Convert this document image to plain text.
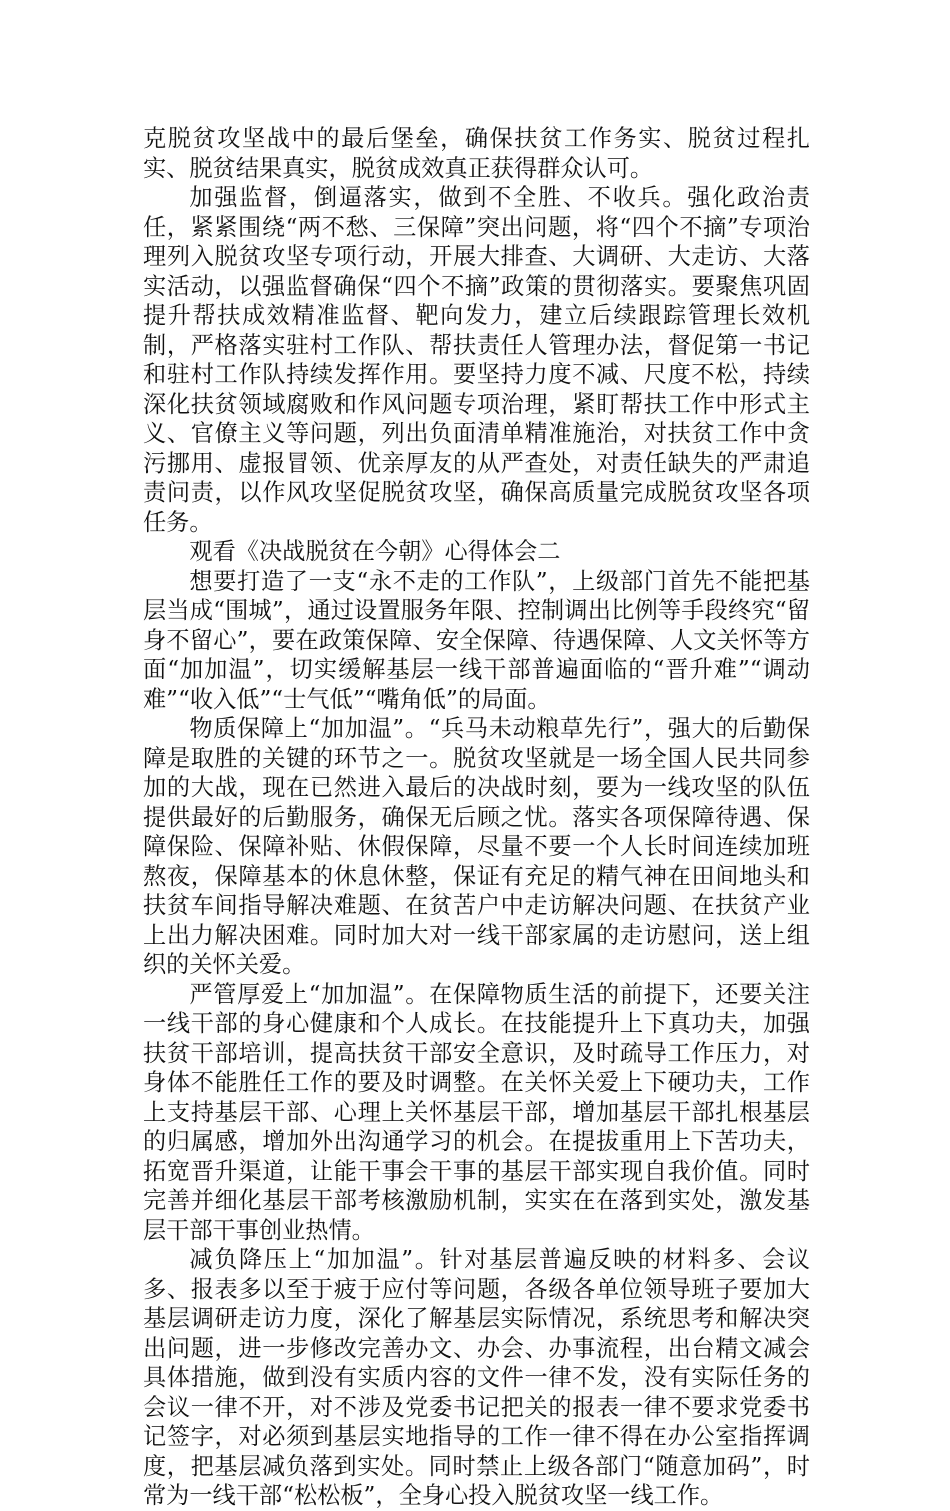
克脱贫攻坚战中的最后堡垒，确保扶贫工作务实、脱贫过程扎实、脱贫结果真实，脱贫成效真正获得群众认可。

加强监督，倒逼落实，做到不全胜、不收兵。强化政治责任，紧紧围绕“两不愁、三保障”突出问题，将“四个不摘”专项治理列入脱贫攻坚专项行动，开展大排查、大调研、大走访、大落实活动，以强监督确保“四个不摘”政策的贯彻落实。要聚焦巩固提升帮扶成效精准监督、靶向发力，建立后续跟踪管理长效机制，严格落实驻村工作队、帮扶责任人管理办法，督促第一书记和驻村工作队持续发挥作用。要坚持力度不减、尺度不松，持续深化扶贫领域腐败和作风问题专项治理，紧盯帮扶工作中形式主义、官僚主义等问题，列出负面清单精准施治，对扶贫工作中贪污挪用、虚报冒领、优亲厚友的从严查处，对责任缺失的严肃追责问责，以作风攻坚促脱贫攻坚，确保高质量完成脱贫攻坚各项任务。

观看《决战脱贫在今朝》心得体会二

想要打造了一支“永不走的工作队”，上级部门首先不能把基层当成“围城”，通过设置服务年限、控制调出比例等手段终究“留身不留心”，要在政策保障、安全保障、待遇保障、人文关怀等方面“加加温”，切实缓解基层一线干部普遍面临的“晋升难”“调动难”“收入低”“士气低”“嘴角低”的局面。

物质保障上“加加温”。“兵马未动粮草先行”，强大的后勤保障是取胜的关键的环节之一。脱贫攻坚就是一场全国人民共同参加的大战，现在已然进入最后的决战时刻，要为一线攻坚的队伍提供最好的后勤服务，确保无后顾之忧。落实各项保障待遇、保障保险、保障补贴、休假保障，尽量不要一个人长时间连续加班熬夜，保障基本的休息休整，保证有充足的精气神在田间地头和扶贫车间指导解决难题、在贫苦户中走访解决问题、在扶贫产业上出力解决困难。同时加大对一线干部家属的走访慰问，送上组织的关怀关爱。

严管厚爱上“加加温”。在保障物质生活的前提下，还要关注一线干部的身心健康和个人成长。在技能提升上下真功夫，加强扶贫干部培训，提高扶贫干部安全意识，及时疏导工作压力，对身体不能胜任工作的要及时调整。在关怀关爱上下硬功夫，工作上支持基层干部、心理上关怀基层干部，增加基层干部扎根基层的归属感，增加外出沟通学习的机会。在提拔重用上下苦功夫，拓宽晋升渠道，让能干事会干事的基层干部实现自我价值。同时完善并细化基层干部考核激励机制，实实在在落到实处，激发基层干部干事创业热情。

减负降压上“加加温”。针对基层普遍反映的材料多、会议多、报表多以至于疲于应付等问题，各级各单位领导班子要加大基层调研走访力度，深化了解基层实际情况，系统思考和解决突出问题，进一步修改完善办文、办会、办事流程，出台精文减会具体措施，做到没有实质内容的文件一律不发，没有实际任务的会议一律不开，对不涉及党委书记把关的报表一律不要求党委书记签字，对必须到基层实地指导的工作一律不得在办公室指挥调度，把基层减负落到实处。同时禁止上级各部门“随意加码”，时常为一线干部“松松板”，全身心投入脱贫攻坚一线工作。
